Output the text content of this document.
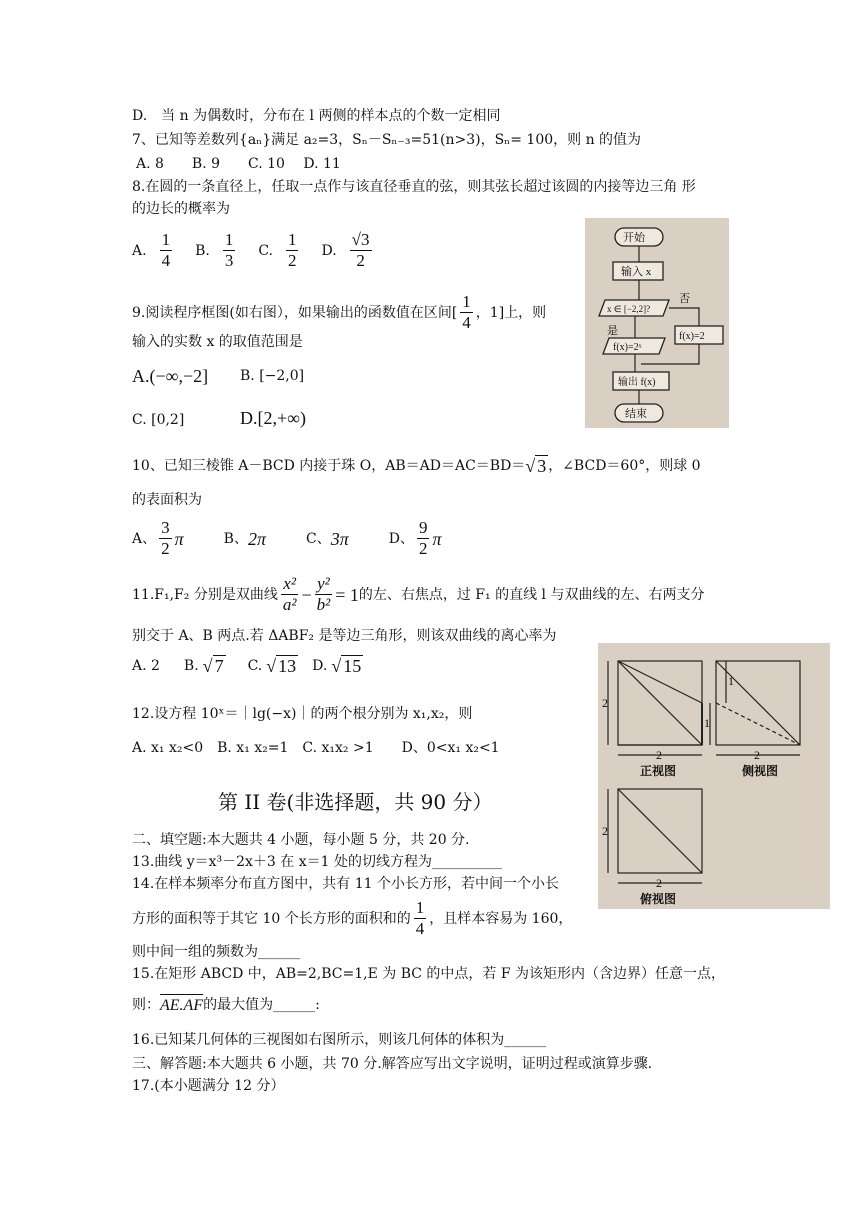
D.　当 n 为偶数时，分布在 l 两侧的样本点的个数一定相同
7、已知等差数列{aₙ}满足 a₂=3，Sₙ－Sₙ₋₃=51(n>3)，Sₙ= 100，则 n 的值为
A. 8　　B. 9　　C. 10　 D. 11
8.在圆的一条直径上，任取一点作与该直径垂直的弦，则其弦长超过该圆的内接等边三角 形
的边长的概率为
A. $\frac{1}{4} B$. $\frac{1}{3} C$. $\frac{1}{2} D$. $\frac{√3}{2}$
9.阅读程序框图(如右图），如果输出的函数值在区间[ $\frac{1}{4}$ ，1]上，则
输入的实数 x 的取值范围是
A.(−∞,−2] B. [−2,0]
C. [0,2]	D.[2,+∞)
开始
输入 x
x ∈ [−2,2]?
是
否
f(x)=2ˣ
f(x)=2
输出 f(x)
结束
10、已知三棱锥 A－BCD 内接于珠 O，AB＝AD＝AC＝BD＝ √ 3 ，∠BCD＝60°，则球 0
的表面积为
A、 $\frac{3}{2}$ π	B、 2π	C、 3π	D、 $\frac{9}{2}$ π
11.F₁,F₂ 分别是双曲线 $\frac{\text{x²}}{\text{a²}} - \frac{\text{y²}}{\text{b²}} = 1$ 的左、右焦点，过 F₁ 的直线 l 与双曲线的左、右两支分
别交于 A、B 两点.若 ΔABF₂ 是等边三角形，则该双曲线的离心率为
A. 2 B. √ 7 C. √ 13 D. √ 15
12.设方程 10ˣ＝｜lg(−x)｜的两个根分别为 x₁,x₂，则
A. x₁ x₂<0　B. x₁ x₂=1　C. x₁x₂ >1　　D、0<x₁ x₂<1
2
2
1
1
2
2
2
正视图	侧视图
俯视图
第 II 卷(非选择题，共 90 分）
二、填空题:本大题共 4 小题，每小题 5 分，共 20 分.
13.曲线 y＝x³－2x＋3 在 x＝1 处的切线方程为__________
14.在样本频率分布直方图中，共有 11 个小长方形，若中间一个小长
方形的面积等于其它 10 个长方形的面积和的 $\frac{1}{4}$ ，且样本容易为 160，
则中间一组的频数为______
15.在矩形 ABCD 中，AB=2,BC=1,E 为 BC 的中点，若 F 为该矩形内（含边界）任意一点，
则： AE.AF 的最大值为______:
16.已知某几何体的三视图如右图所示，则该几何体的体积为______
三、解答题:本大题共 6 小题，共 70 分.解答应写出文字说明，证明过程或演算步骤.
17.(本小题满分 12 分）
